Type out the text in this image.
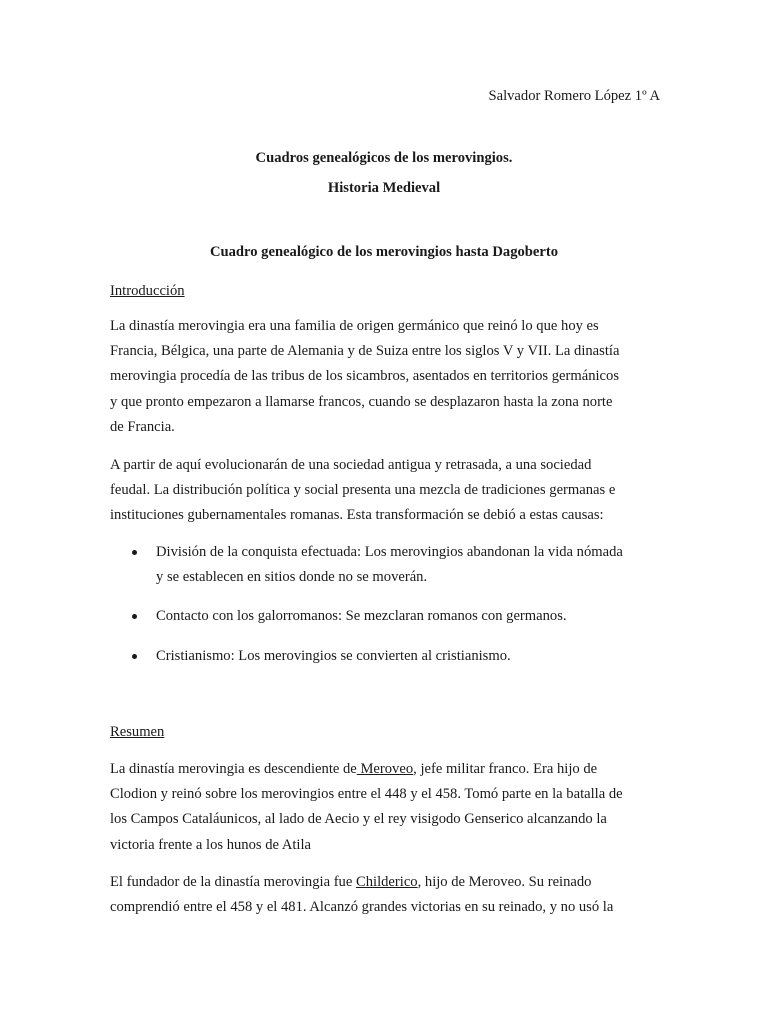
Salvador Romero López 1º A
Cuadros genealógicos de los merovingios.
Historia Medieval
Cuadro genealógico de los merovingios hasta Dagoberto
Introducción

La dinastía merovingia era una familia de origen germánico que reinó lo que hoy es
Francia, Bélgica, una parte de Alemania y de Suiza entre los siglos V y VII. La dinastía
merovingia procedía de las tribus de los sicambros, asentados en territorios germánicos
y que pronto empezaron a llamarse francos, cuando se desplazaron hasta la zona norte
de Francia.

A partir de aquí evolucionarán de una sociedad antigua y retrasada, a una sociedad
feudal. La distribución política y social presenta una mezcla de tradiciones germanas e
instituciones gubernamentales romanas. Esta transformación se debió a estas causas:

División de la conquista efectuada: Los merovingios abandonan la vida nómada
y se establecen en sitios donde no se moverán.
Contacto con los galorromanos: Se mezclaran romanos con germanos.
Cristianismo: Los merovingios se convierten al cristianismo.
Resumen

La dinastía merovingia es descendiente de Meroveo, jefe militar franco. Era hijo de
Clodion y reinó sobre los merovingios entre el 448 y el 458. Tomó parte en la batalla de
los Campos Cataláunicos, al lado de Aecio y el rey visigodo Genserico alcanzando la
victoria frente a los hunos de Atila

El fundador de la dinastía merovingia fue Childerico, hijo de Meroveo. Su reinado
comprendió entre el 458 y el 481. Alcanzó grandes victorias en su reinado, y no usó la
